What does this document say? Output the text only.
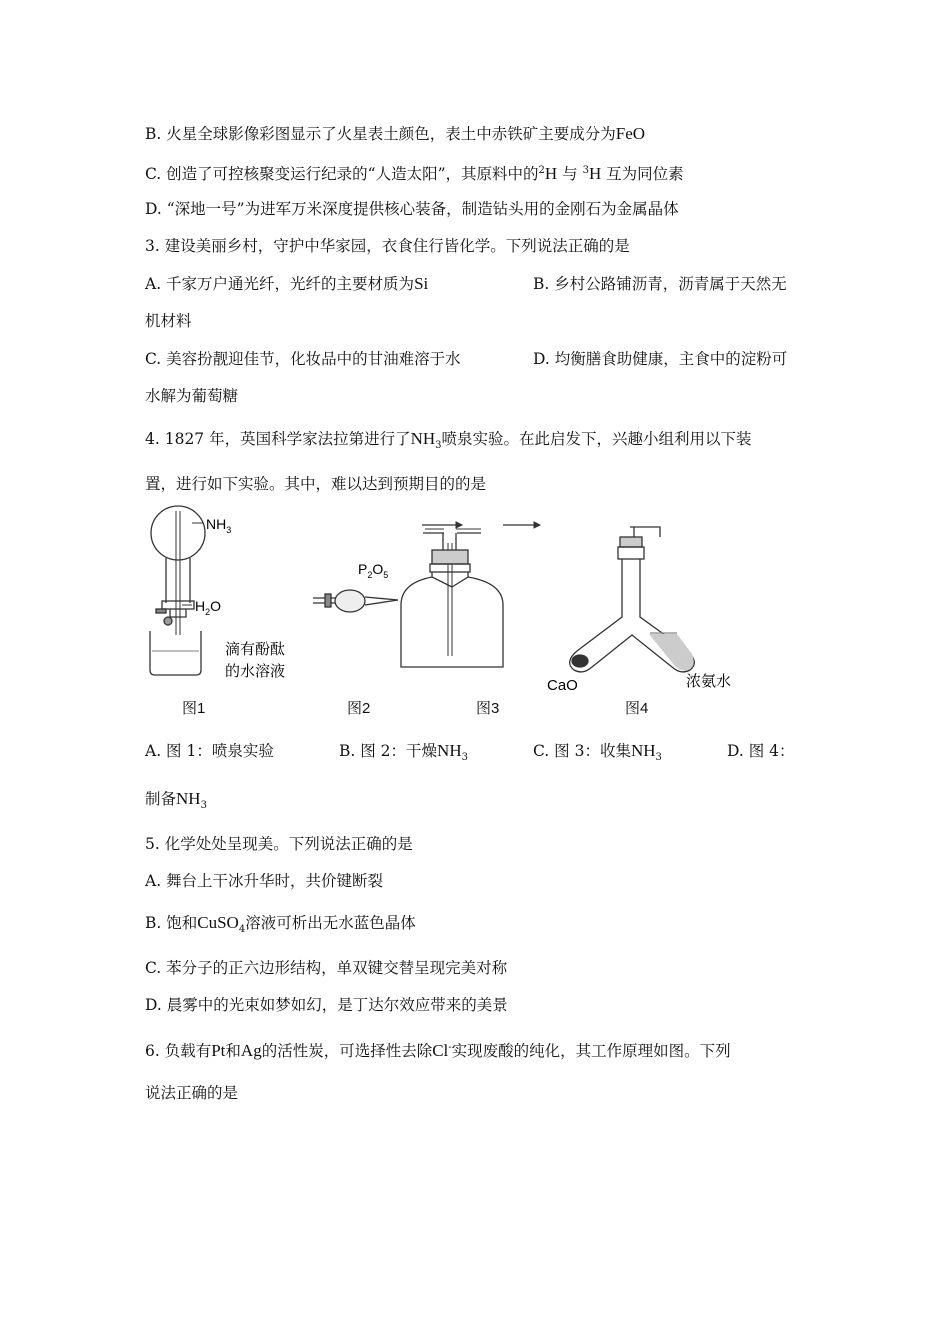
B. 火星全球影像彩图显示了火星表土颜色，表土中赤铁矿主要成分为FeO
C. 创造了可控核聚变运行纪录的“人造太阳”，其原料中的$^2$H 与 $^3$H 互为同位素
D. “深地一号”为进军万米深度提供核心装备，制造钻头用的金刚石为金属晶体
3. 建设美丽乡村，守护中华家园，衣食住行皆化学。下列说法正确的是
A. 千家万户通光纤，光纤的主要材质为Si	B. 乡村公路铺沥青，沥青属于天然无
机材料
C. 美容扮靓迎佳节，化妆品中的甘油难溶于水	D. 均衡膳食助健康，主食中的淀粉可
水解为葡萄糖
4. 1827 年，英国科学家法拉第进行了$NH_3$喷泉实验。在此启发下，兴趣小组利用以下装
置，进行如下实验。其中，难以达到预期目的的是
$NH_3$
$H_2O$
滴有酚酞
的水溶液
$P_2O_5$
CaO	浓氨水
图1	图2	图3	图4
A. 图 1：喷泉实验	B. 图 2：干燥$NH_3$	C. 图 3：收集$NH_3$	D. 图 4：
制备$NH_3$
5. 化学处处呈现美。下列说法正确的是
A. 舞台上干冰升华时，共价键断裂
B. 饱和CuSO$_4$溶液可析出无水蓝色晶体
C. 苯分子的正六边形结构，单双键交替呈现完美对称
D. 晨雾中的光束如梦如幻，是丁达尔效应带来的美景
6. 负载有Pt和Ag的活性炭，可选择性去除Cl-实现废酸的纯化，其工作原理如图。下列
说法正确的是
